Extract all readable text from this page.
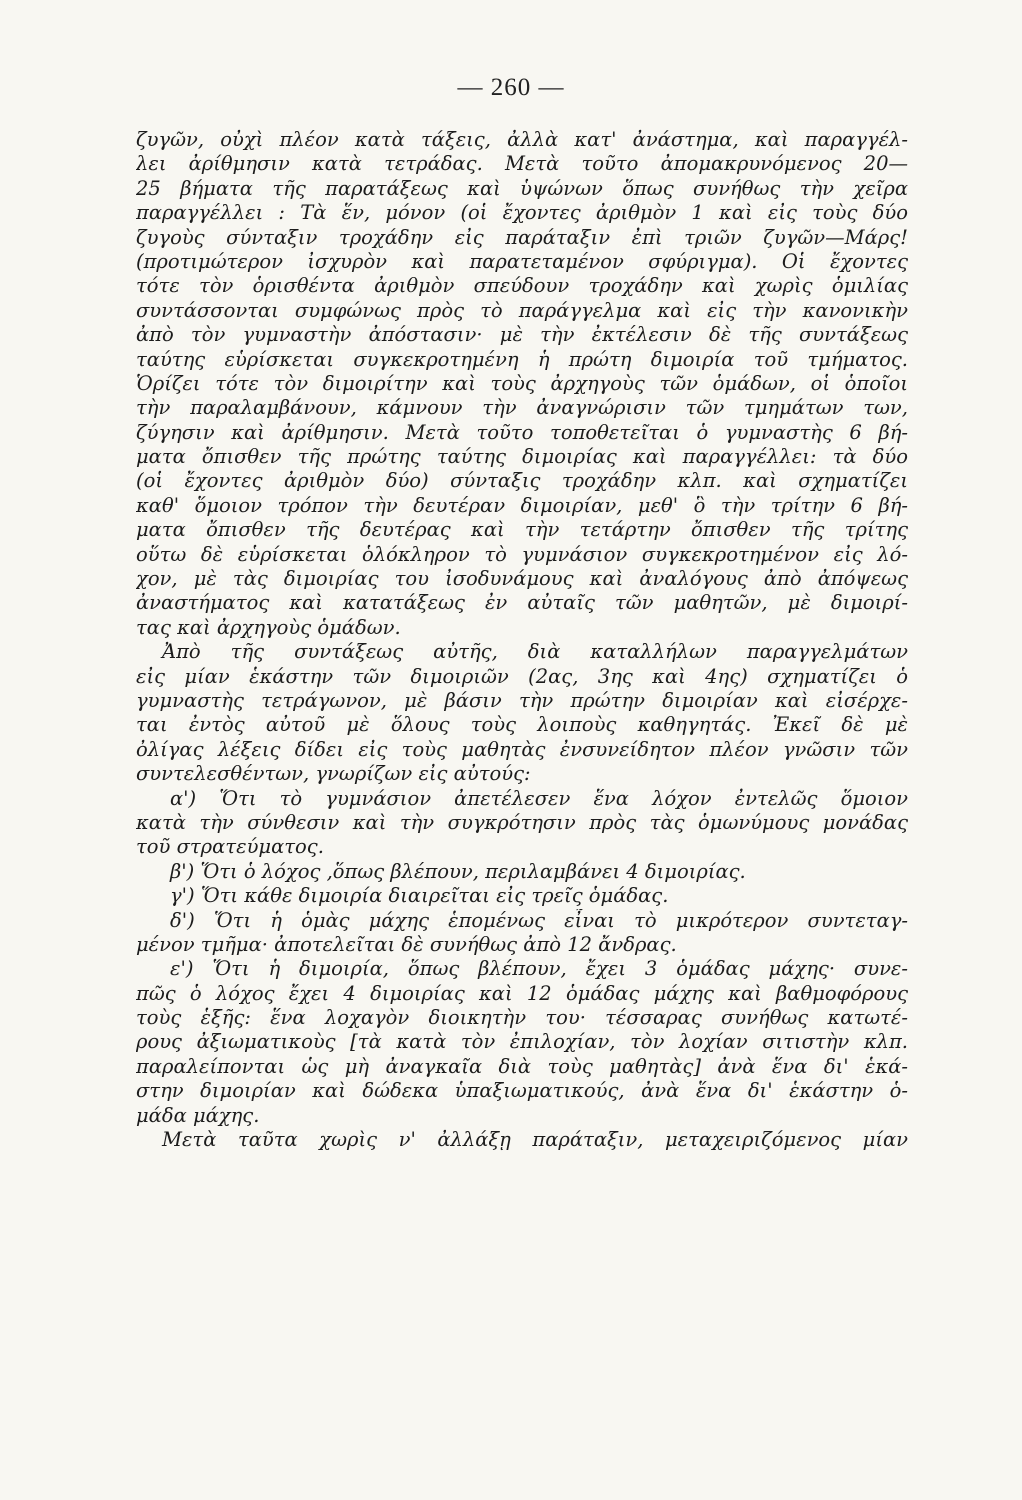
— 260 —
ζυγῶν, οὐχὶ πλέον κατὰ τάξεις, ἀλλὰ κατ' ἀνάστημα, καὶ παραγγέλ-
λει ἀρίθμησιν κατὰ τετράδας. Μετὰ τοῦτο ἀπομακρυνόμενος 20—
25 βήματα τῆς παρατάξεως καὶ ὑψώνων ὅπως συνήθως τὴν χεῖρα
παραγγέλλει : Τὰ ἕν, μόνον (οἱ ἔχοντες ἀριθμὸν 1 καὶ εἰς τοὺς δύο
ζυγοὺς σύνταξιν τροχάδην εἰς παράταξιν ἐπὶ τριῶν ζυγῶν—Μάρς!
(προτιμώτερον ἰσχυρὸν καὶ παρατεταμένον σφύριγμα). Οἱ ἔχοντες
τότε τὸν ὁρισθέντα ἀριθμὸν σπεύδουν τροχάδην καὶ χωρὶς ὁμιλίας
συντάσσονται συμφώνως πρὸς τὸ παράγγελμα καὶ εἰς τὴν κανονικὴν
ἀπὸ τὸν γυμναστὴν ἀπόστασιν· μὲ τὴν ἐκτέλεσιν δὲ τῆς συντάξεως
ταύτης εὑρίσκεται συγκεκροτημένη ἡ πρώτη διμοιρία τοῦ τμήματος.
Ὁρίζει τότε τὸν διμοιρίτην καὶ τοὺς ἀρχηγοὺς τῶν ὁμάδων, οἱ ὁποῖοι
τὴν παραλαμβάνουν, κάμνουν τὴν ἀναγνώρισιν τῶν τμημάτων των,
ζύγησιν καὶ ἀρίθμησιν. Μετὰ τοῦτο τοποθετεῖται ὁ γυμναστὴς 6 βή-
ματα ὄπισθεν τῆς πρώτης ταύτης διμοιρίας καὶ παραγγέλλει: τὰ δύο
(οἱ ἔχοντες ἀριθμὸν δύο) σύνταξις τροχάδην κλπ. καὶ σχηματίζει
καθ' ὅμοιον τρόπον τὴν δευτέραν διμοιρίαν, μεθ' ὃ τὴν τρίτην 6 βή-
ματα ὄπισθεν τῆς δευτέρας καὶ τὴν τετάρτην ὄπισθεν τῆς τρίτης
οὕτω δὲ εὑρίσκεται ὁλόκληρον τὸ γυμνάσιον συγκεκροτημένον εἰς λό-
χον, μὲ τὰς διμοιρίας του ἰσοδυνάμους καὶ ἀναλόγους ἀπὸ ἀπόψεως
ἀναστήματος καὶ κατατάξεως ἐν αὐταῖς τῶν μαθητῶν, μὲ διμοιρί-
τας καὶ ἀρχηγοὺς ὁμάδων.
Ἀπὸ τῆς συντάξεως αὐτῆς, διὰ καταλλήλων παραγγελμάτων
εἰς μίαν ἑκάστην τῶν διμοιριῶν (2ας, 3ης καὶ 4ης) σχηματίζει ὁ
γυμναστὴς τετράγωνον, μὲ βάσιν τὴν πρώτην διμοιρίαν καὶ εἰσέρχε-
ται ἐντὸς αὐτοῦ μὲ ὅλους τοὺς λοιποὺς καθηγητάς. Ἐκεῖ δὲ μὲ
ὀλίγας λέξεις δίδει εἰς τοὺς μαθητὰς ἐνσυνείδητον πλέον γνῶσιν τῶν
συντελεσθέντων, γνωρίζων εἰς αὐτούς:
α') Ὅτι τὸ γυμνάσιον ἀπετέλεσεν ἕνα λόχον ἐντελῶς ὅμοιον
κατὰ τὴν σύνθεσιν καὶ τὴν συγκρότησιν πρὸς τὰς ὁμωνύμους μονάδας
τοῦ στρατεύματος.
β') Ὅτι ὁ λόχος ,ὅπως βλέπουν, περιλαμβάνει 4 διμοιρίας.
γ') Ὅτι κάθε διμοιρία διαιρεῖται εἰς τρεῖς ὁμάδας.
δ') Ὅτι ἡ ὁμὰς μάχης ἑπομένως εἶναι τὸ μικρότερον συντεταγ-
μένον τμῆμα· ἀποτελεῖται δὲ συνήθως ἀπὸ 12 ἄνδρας.
ε') Ὅτι ἡ διμοιρία, ὅπως βλέπουν, ἔχει 3 ὁμάδας μάχης· συνε-
πῶς ὁ λόχος ἔχει 4 διμοιρίας καὶ 12 ὁμάδας μάχης καὶ βαθμοφόρους
τοὺς ἑξῆς: ἕνα λοχαγὸν διοικητὴν του· τέσσαρας συνήθως κατωτέ-
ρους ἀξιωματικοὺς [τὰ κατὰ τὸν ἐπιλοχίαν, τὸν λοχίαν σιτιστὴν κλπ.
παραλείπονται ὡς μὴ ἀναγκαῖα διὰ τοὺς μαθητὰς] ἀνὰ ἕνα δι' ἑκά-
στην διμοιρίαν καὶ δώδεκα ὑπαξιωματικούς, ἀνὰ ἕνα δι' ἑκάστην ὁ-
μάδα μάχης.
Μετὰ ταῦτα χωρὶς ν' ἀλλάξῃ παράταξιν, μεταχειριζόμενος μίαν
